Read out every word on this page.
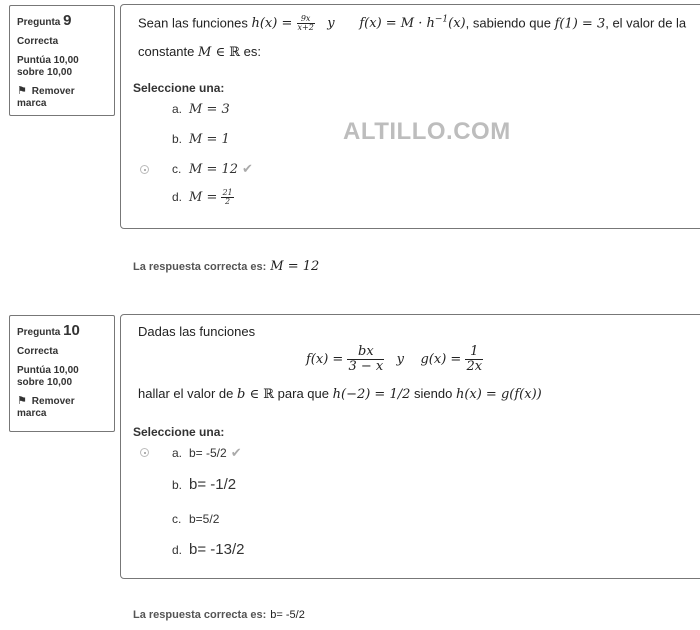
Pregunta 9
Correcta
Puntúa 10,00
sobre 10,00
⚑ Remover
marca
Sean las funciones $h(x) = \frac{9x}{x+2}$ y      $f(x) = M \cdot h^{-1}(x)$, sabiendo que f(1) = 3, el valor de la
constante M ∈ ℝ es:
Seleccione una:
a. M = 3
b. M = 1
c. M = 12 ✔
d. $M = \frac{21}{2}$
ALTILLO.COM
La respuesta correcta es: M = 12
Pregunta 10
Correcta
Puntúa 10,00
sobre 10,00
⚑ Remover
marca
Dadas las funciones
$f(x) = \frac{bx}{3 - x}$ y    $g(x) = \frac{1}{2x}$
hallar el valor de b ∈ ℝ para que h(−2) = 1/2 siendo h(x) = g(f(x))
Seleccione una:
a. b= -5/2 ✔
b. b= -1/2
c. b=5/2
d. b= -13/2
La respuesta correcta es: b= -5/2
